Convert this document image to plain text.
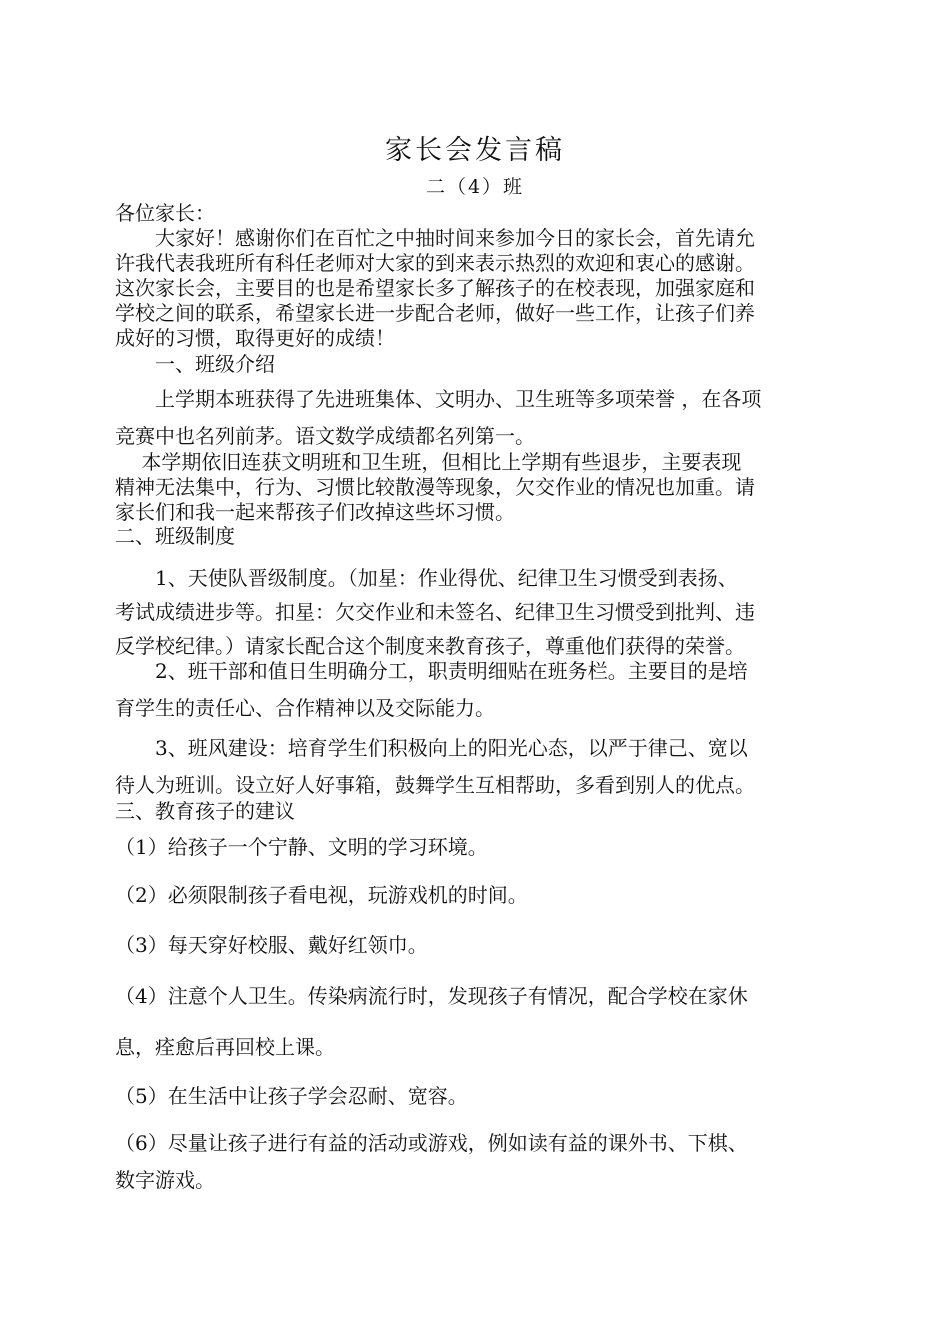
家长会发言稿
二（4）班
各位家长：
　　大家好！感谢你们在百忙之中抽时间来参加今日的家长会，首先请允
许我代表我班所有科任老师对大家的到来表示热烈的欢迎和衷心的感谢。
这次家长会，主要目的也是希望家长多了解孩子的在校表现，加强家庭和
学校之间的联系，希望家长进一步配合老师，做好一些工作，让孩子们养
成好的习惯，取得更好的成绩！
　　一、班级介绍
　　上学期本班获得了先进班集体、文明办、卫生班等多项荣誉 ，在各项
竞赛中也名列前茅。语文数学成绩都名列第一。
　 本学期依旧连获文明班和卫生班，但相比上学期有些退步，主要表现
精神无法集中，行为、习惯比较散漫等现象，欠交作业的情况也加重。请
家长们和我一起来帮孩子们改掉这些坏习惯。
二、班级制度
　　1、天使队晋级制度。（加星：作业得优、纪律卫生习惯受到表扬、
考试成绩进步等。扣星：欠交作业和未签名、纪律卫生习惯受到批判、违
反学校纪律。）请家长配合这个制度来教育孩子，尊重他们获得的荣誉。
　　2、班干部和值日生明确分工，职责明细贴在班务栏。主要目的是培
育学生的责任心、合作精神以及交际能力。
　　3、班风建设：培育学生们积极向上的阳光心态，以严于律己、宽以
待人为班训。设立好人好事箱，鼓舞学生互相帮助，多看到别人的优点。
三、教育孩子的建议
（1）给孩子一个宁静、文明的学习环境。
（2）必须限制孩子看电视，玩游戏机的时间。
（3）每天穿好校服、戴好红领巾。
（4）注意个人卫生。传染病流行时，发现孩子有情况，配合学校在家休
息，痊愈后再回校上课。
（5）在生活中让孩子学会忍耐、宽容。
（6）尽量让孩子进行有益的活动或游戏，例如读有益的课外书、下棋、
数字游戏。
